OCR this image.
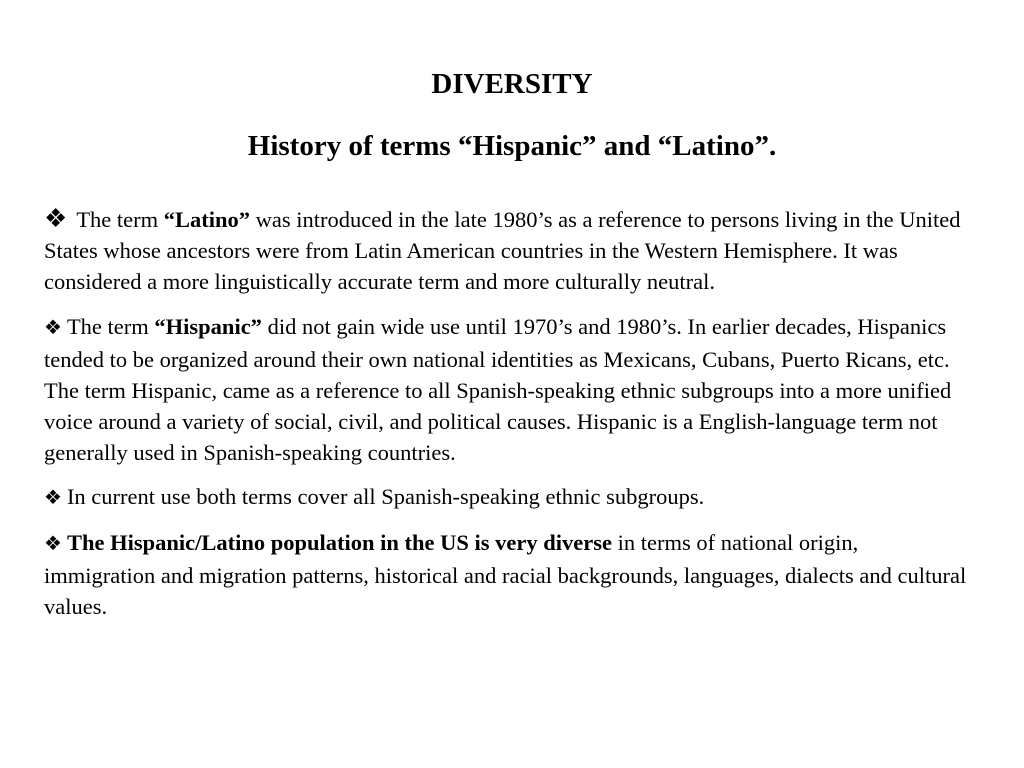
DIVERSITY
History of terms “Hispanic” and “Latino”.

❖ The term “Latino” was introduced in the late 1980’s as a reference to persons living in the United States whose ancestors were from Latin American countries in the Western Hemisphere. It was considered a more linguistically accurate term and more culturally neutral.

❖ The term “Hispanic” did not gain wide use until 1970’s and 1980’s. In earlier decades, Hispanics tended to be organized around their own national identities as Mexicans, Cubans, Puerto Ricans, etc. The term Hispanic, came as a reference to all Spanish-speaking ethnic subgroups into a more unified voice around a variety of social, civil, and political causes. Hispanic is a English-language term not generally used in Spanish-speaking countries.

❖ In current use both terms cover all Spanish-speaking ethnic subgroups.

❖ The Hispanic/Latino population in the US is very diverse in terms of national origin, immigration and migration patterns, historical and racial backgrounds, languages, dialects and cultural values.
